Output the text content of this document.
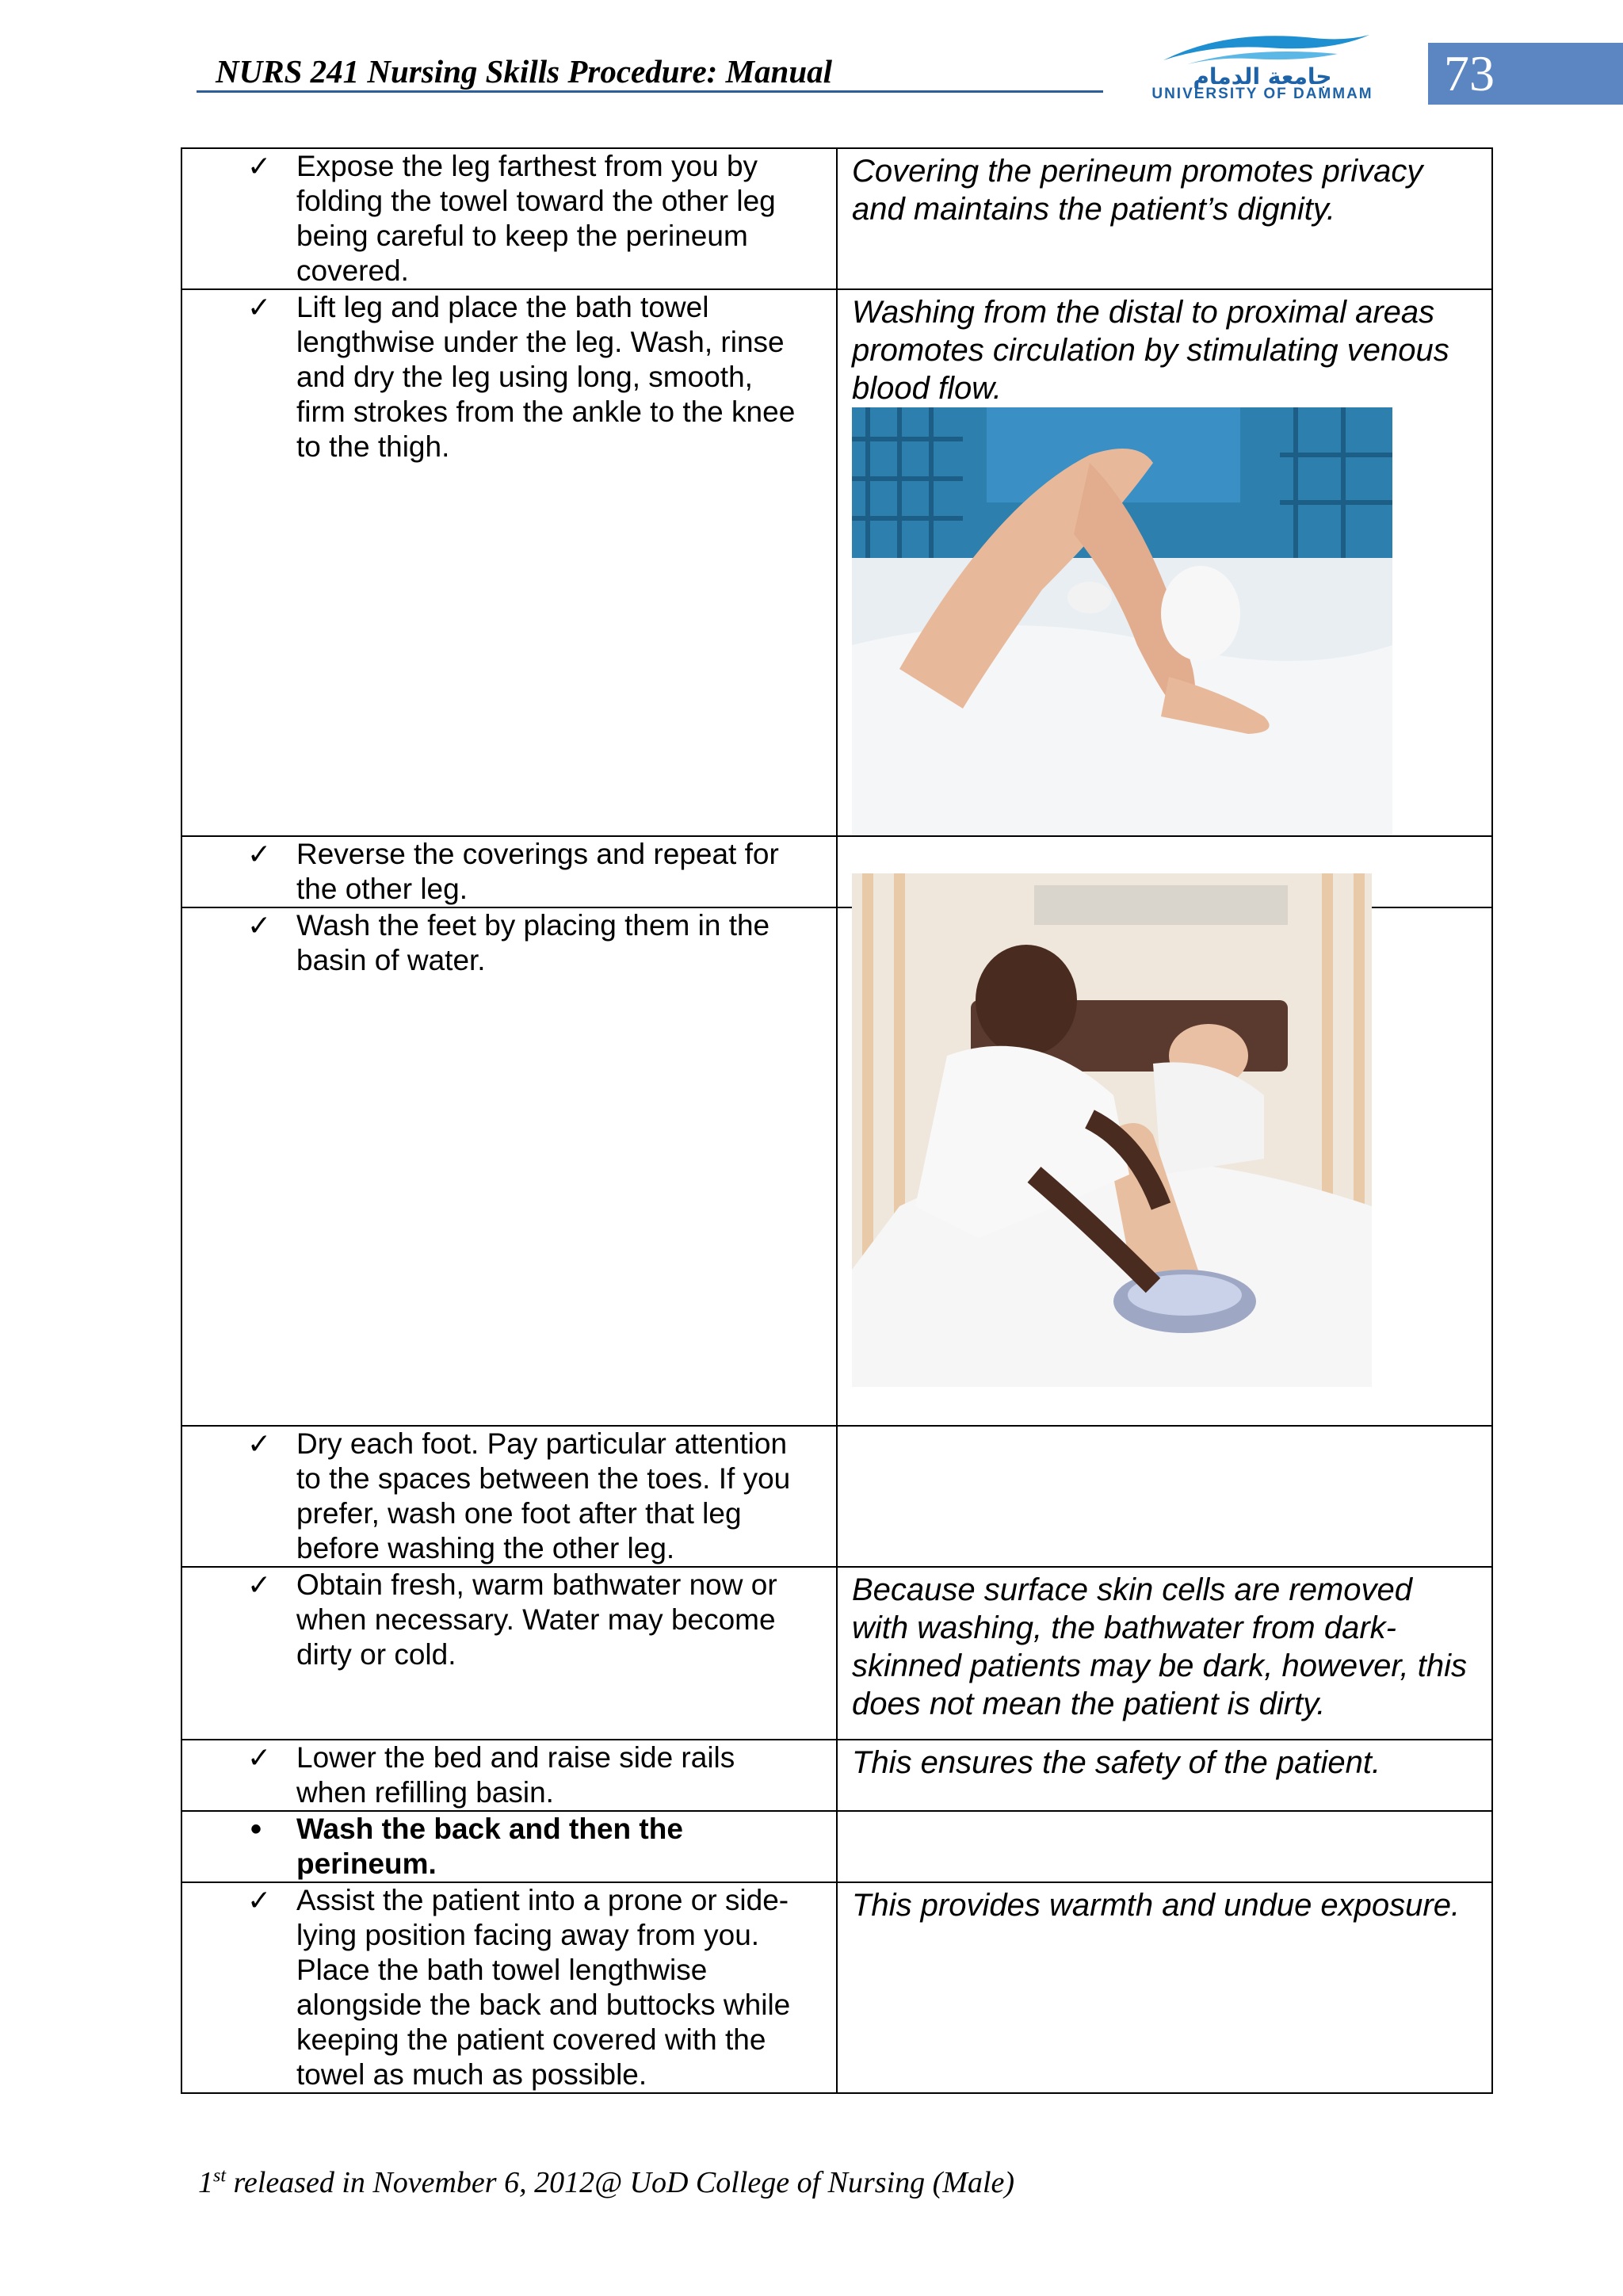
NURS 241 Nursing Skills Procedure: Manual	جامعة الدمام
UNIVERSITY OF DAMMAM	73
✓ Expose the leg farthest from you by folding the towel toward the other leg being careful to keep the perineum covered.	Covering the perineum promotes privacy and maintains the patient’s dignity.

✓ Lift leg and place the bath towel lengthwise under the leg. Wash, rinse and dry the leg using long, smooth, firm strokes from the ankle to the knee to the thigh.	Washing from the distal to proximal areas promotes circulation by stimulating venous blood flow.

✓ Reverse the coverings and repeat for the other leg.	

✓ Wash the feet by placing them in the basin of water.

✓ Dry each foot. Pay particular attention to the spaces between the toes. If you prefer, wash one foot after that leg before washing the other leg.	

✓ Obtain fresh, warm bathwater now or when necessary. Water may become dirty or cold.	Because surface skin cells are removed with washing, the bathwater from dark-skinned patients may be dark, however, this does not mean the patient is dirty.

✓ Lower the bed and raise side rails when refilling basin.	This ensures the safety of the patient.

• Wash the back and then the perineum.	

✓ Assist the patient into a prone or side-lying position facing away from you. Place the bath towel lengthwise alongside the back and buttocks while keeping the patient covered with the towel as much as possible.	This provides warmth and undue exposure.
1st released in November 6, 2012@ UoD College of Nursing (Male)
